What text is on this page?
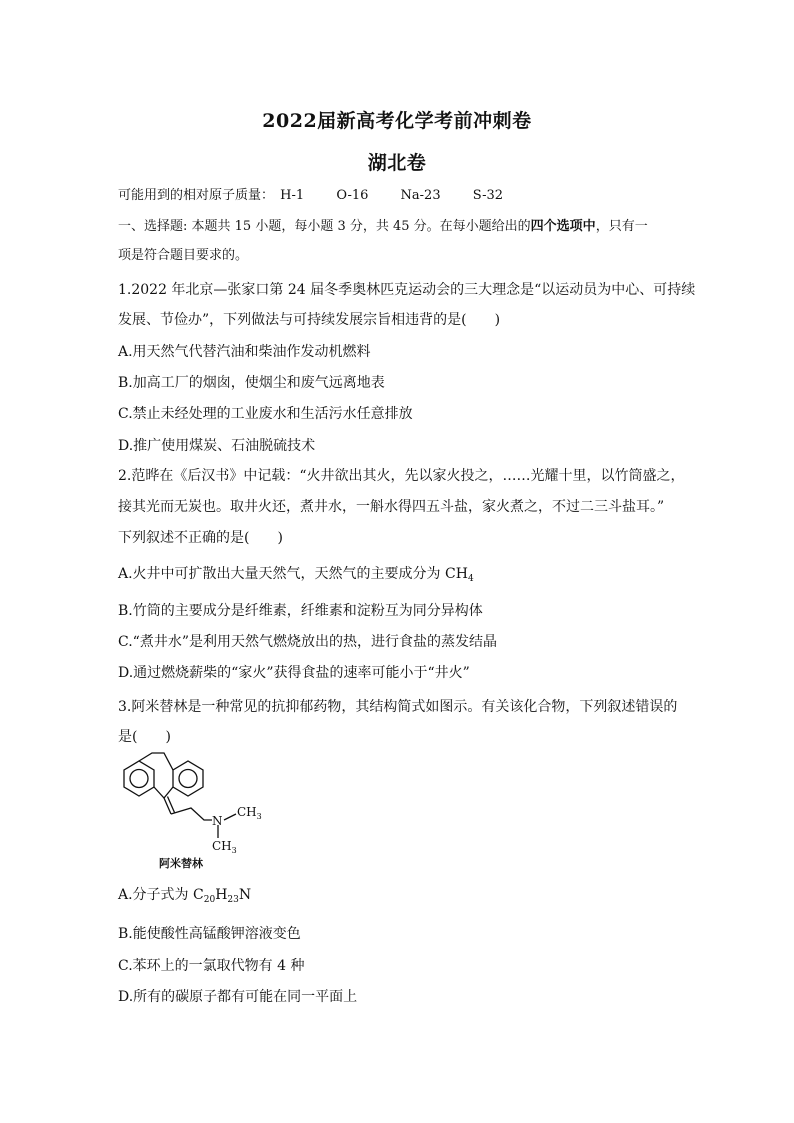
2022届新高考化学考前冲刺卷
湖北卷
可能用到的相对原子质量： H-1 O-16 Na-23 S-32
一、选择题: 本题共 15 小题，每小题 3 分，共 45 分。在每小题给出的四个选项中，只有一
项是符合题目要求的。
1.2022 年北京—张家口第 24 届冬季奥林匹克运动会的三大理念是“以运动员为中心、可持续
发展、节俭办”，下列做法与可持续发展宗旨相违背的是(　　)
A.用天然气代替汽油和柴油作发动机燃料
B.加高工厂的烟囱，使烟尘和废气远离地表
C.禁止未经处理的工业废水和生活污水任意排放
D.推广使用煤炭、石油脱硫技术
2.范晔在《后汉书》中记载：“火井欲出其火，先以家火投之，……光耀十里，以竹筒盛之，
接其光而无炭也。取井火还，煮井水，一斛水得四五斗盐，家火煮之，不过二三斗盐耳。”
下列叙述不正确的是(　　)
A.火井中可扩散出大量天然气，天然气的主要成分为 $CH_4$
B.竹筒的主要成分是纤维素，纤维素和淀粉互为同分异构体
C.“煮井水”是利用天然气燃烧放出的热，进行食盐的蒸发结晶
D.通过燃烧薪柴的“家火”获得食盐的速率可能小于“井火”
3.阿米替林是一种常见的抗抑郁药物，其结构简式如图示。有关该化合物，下列叙述错误的
是(　　)
N
$CH_3$
$CH_3$
阿米替林
A.分子式为 $C_{20}H_{23}N$
B.能使酸性高锰酸钾溶液变色
C.苯环上的一氯取代物有 4 种
D.所有的碳原子都有可能在同一平面上
